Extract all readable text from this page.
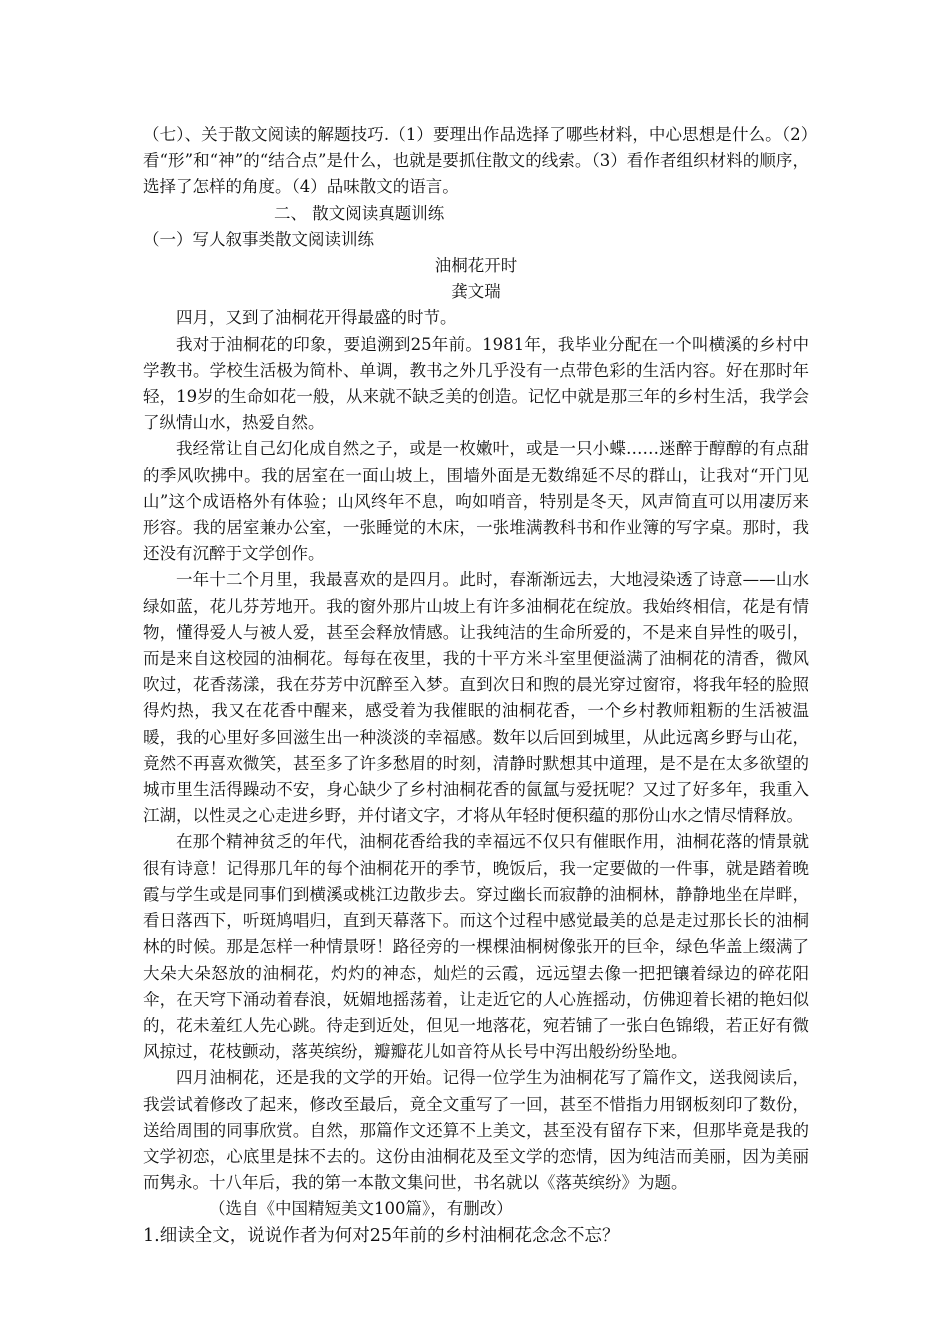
（七）、关于散文阅读的解题技巧.（1）要理出作品选择了哪些材料，中心思想是什么。（2）看“形”和“神”的“结合点”是什么，也就是要抓住散文的线索。（3）看作者组织材料的顺序，选择了怎样的角度。（4）品味散文的语言。

二、 散文阅读真题训练

（一）写人叙事类散文阅读训练

油桐花开时

龚文瑞

四月，又到了油桐花开得最盛的时节。

我对于油桐花的印象，要追溯到25年前。1981年，我毕业分配在一个叫横溪的乡村中学教书。学校生活极为简朴、单调，教书之外几乎没有一点带色彩的生活内容。好在那时年轻，19岁的生命如花一般，从来就不缺乏美的创造。记忆中就是那三年的乡村生活，我学会了纵情山水，热爱自然。

我经常让自己幻化成自然之子，或是一枚嫩叶，或是一只小蝶……迷醉于醇醇的有点甜的季风吹拂中。我的居室在一面山坡上，围墙外面是无数绵延不尽的群山，让我对“开门见山”这个成语格外有体验；山风终年不息，呴如哨音，特别是冬天，风声简直可以用凄厉来形容。我的居室兼办公室，一张睡觉的木床，一张堆满教科书和作业簿的写字桌。那时，我还没有沉醉于文学创作。

一年十二个月里，我最喜欢的是四月。此时，春渐渐远去，大地浸染透了诗意——山水绿如蓝，花儿芬芳地开。我的窗外那片山坡上有许多油桐花在绽放。我始终相信，花是有情物，懂得爱人与被人爱，甚至会释放情感。让我纯洁的生命所爱的，不是来自异性的吸引，而是来自这校园的油桐花。每每在夜里，我的十平方米斗室里便溢满了油桐花的清香，微风吹过，花香荡漾，我在芬芳中沉醉至入梦。直到次日和煦的晨光穿过窗帘，将我年轻的脸照得灼热，我又在花香中醒来，感受着为我催眠的油桐花香，一个乡村教师粗粝的生活被温暖，我的心里好多回滋生出一种淡淡的幸福感。数年以后回到城里，从此远离乡野与山花，竟然不再喜欢微笑，甚至多了许多愁眉的时刻，清静时默想其中道理，是不是在太多欲望的城市里生活得躁动不安，身心缺少了乡村油桐花香的氤氲与爱抚呢？又过了好多年，我重入江湖，以性灵之心走进乡野，并付诸文字，才将从年轻时便积蕴的那份山水之情尽情释放。

在那个精神贫乏的年代，油桐花香给我的幸福远不仅只有催眠作用，油桐花落的情景就很有诗意！记得那几年的每个油桐花开的季节，晚饭后，我一定要做的一件事，就是踏着晚霞与学生或是同事们到横溪或桃江边散步去。穿过幽长而寂静的油桐林，静静地坐在岸畔，看日落西下，听斑鸠唱归，直到天幕落下。而这个过程中感觉最美的总是走过那长长的油桐林的时候。那是怎样一种情景呀！路径旁的一棵棵油桐树像张开的巨伞，绿色华盖上缀满了大朵大朵怒放的油桐花，灼灼的神态，灿烂的云霞，远远望去像一把把镶着绿边的碎花阳伞，在天穹下涌动着春浪，妩媚地摇荡着，让走近它的人心旌摇动，仿佛迎着长裙的艳妇似的，花未羞红人先心跳。待走到近处，但见一地落花，宛若铺了一张白色锦缎，若正好有微风掠过，花枝颤动，落英缤纷，瓣瓣花儿如音符从长号中泻出般纷纷坠地。

四月油桐花，还是我的文学的开始。记得一位学生为油桐花写了篇作文，送我阅读后，我尝试着修改了起来，修改至最后，竟全文重写了一回，甚至不惜指力用钢板刻印了数份，送给周围的同事欣赏。自然，那篇作文还算不上美文，甚至没有留存下来，但那毕竟是我的文学初恋，心底里是抹不去的。这份由油桐花及至文学的恋情，因为纯洁而美丽，因为美丽而隽永。十八年后，我的第一本散文集问世，书名就以《落英缤纷》为题。

（选自《中国精短美文100篇》，有删改）

1.细读全文，说说作者为何对25年前的乡村油桐花念念不忘？
